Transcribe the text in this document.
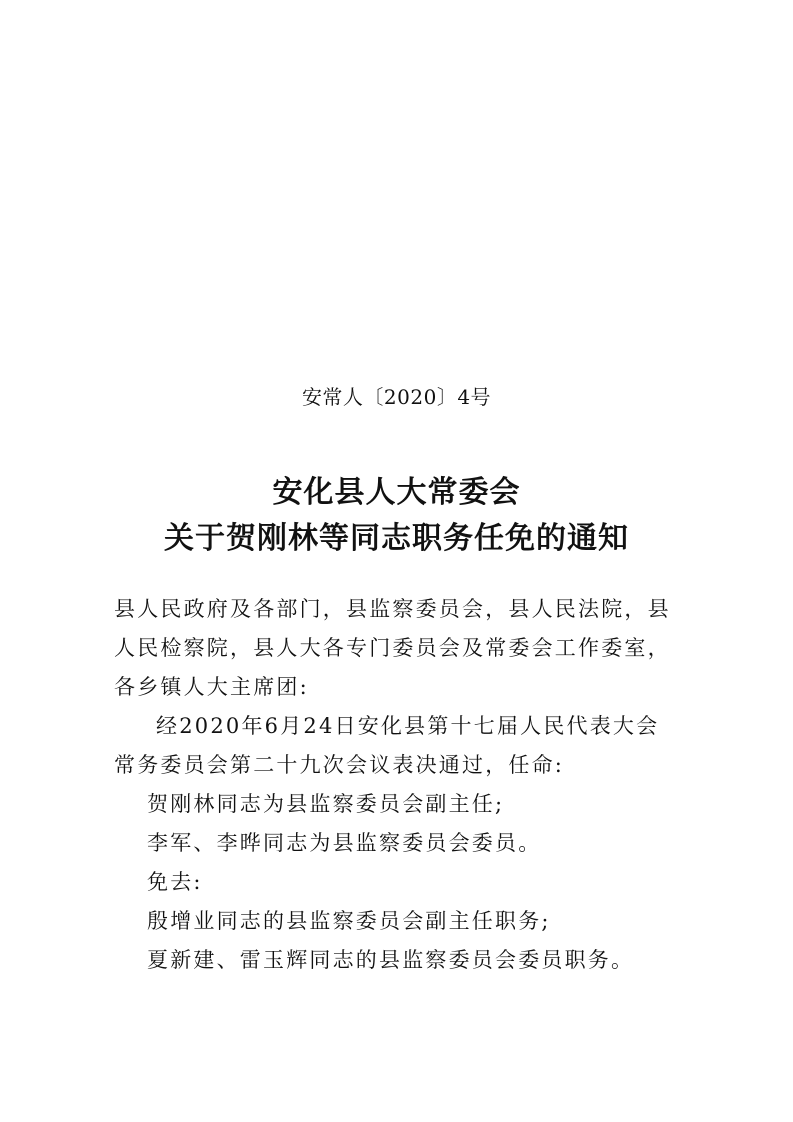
安常人〔2020〕4号
安化县人大常委会
关于贺刚林等同志职务任免的通知

县人民政府及各部门，县监察委员会，县人民法院，县人民检察院，县人大各专门委员会及常委会工作委室，各乡镇人大主席团:

经2020年6月24日安化县第十七届人民代表大会常务委员会第二十九次会议表决通过，任命:

贺刚林同志为县监察委员会副主任;

李军、李晔同志为县监察委员会委员。

免去:

殷增业同志的县监察委员会副主任职务;

夏新建、雷玉辉同志的县监察委员会委员职务。
